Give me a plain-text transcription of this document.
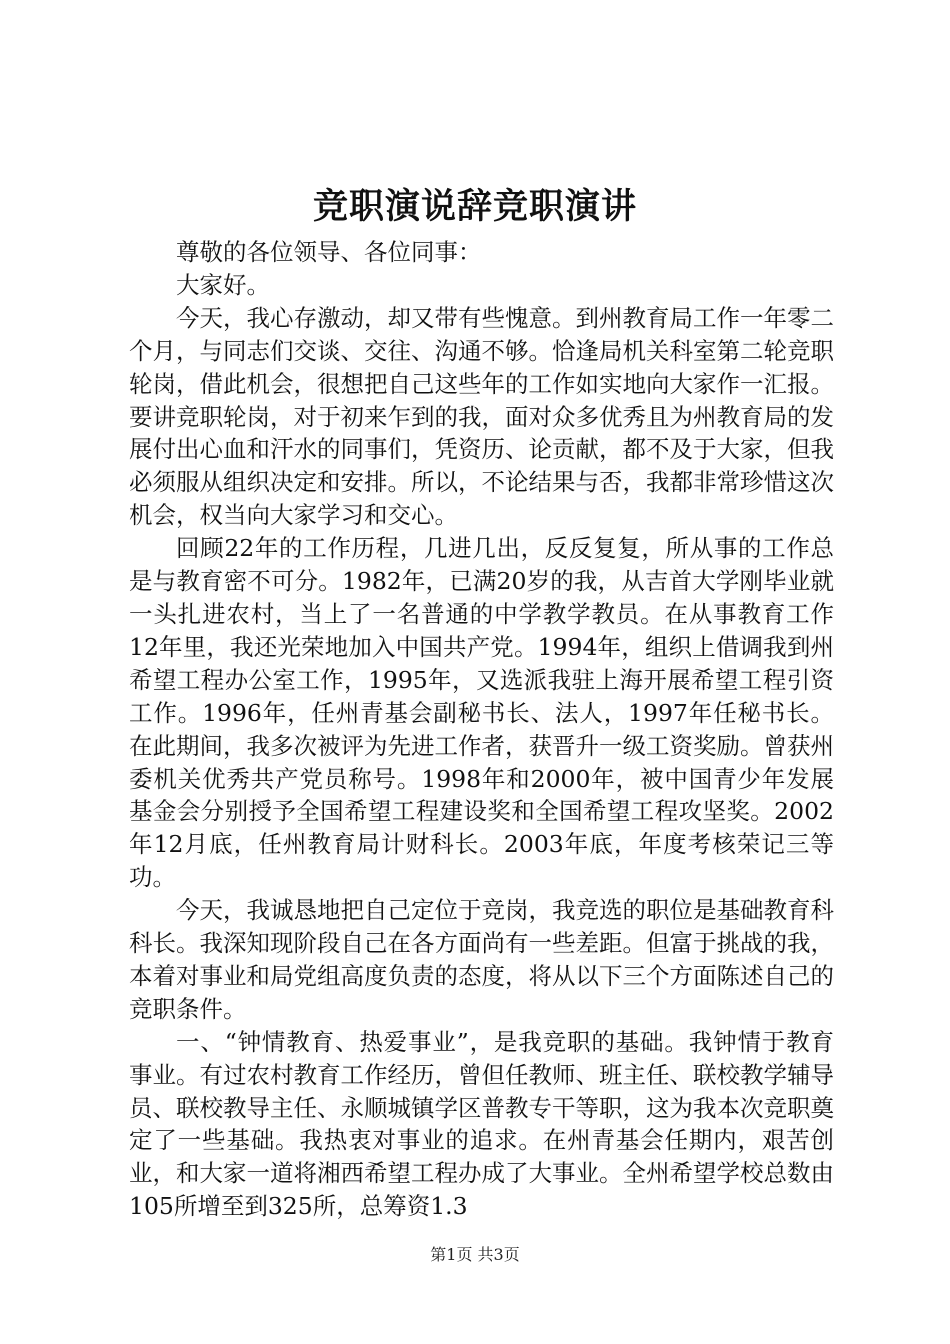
竞职演说辞竞职演讲

尊敬的各位领导、各位同事：

大家好。

今天，我心存激动，却又带有些愧意。到州教育局工作一年零二个月，与同志们交谈、交往、沟通不够。恰逢局机关科室第二轮竞职轮岗，借此机会，很想把自己这些年的工作如实地向大家作一汇报。要讲竞职轮岗，对于初来乍到的我，面对众多优秀且为州教育局的发展付出心血和汗水的同事们，凭资历、论贡献，都不及于大家，但我必须服从组织决定和安排。所以，不论结果与否，我都非常珍惜这次机会，权当向大家学习和交心。

回顾22年的工作历程，几进几出，反反复复，所从事的工作总是与教育密不可分。1982年，已满20岁的我，从吉首大学刚毕业就一头扎进农村，当上了一名普通的中学教学教员。在从事教育工作12年里，我还光荣地加入中国共产党。1994年，组织上借调我到州希望工程办公室工作，1995年，又选派我驻上海开展希望工程引资工作。1996年，任州青基会副秘书长、法人，1997年任秘书长。在此期间，我多次被评为先进工作者，获晋升一级工资奖励。曾获州委机关优秀共产党员称号。1998年和2000年，被中国青少年发展基金会分别授予全国希望工程建设奖和全国希望工程攻坚奖。2002年12月底，任州教育局计财科长。2003年底，年度考核荣记三等功。

今天，我诚恳地把自己定位于竞岗，我竞选的职位是基础教育科科长。我深知现阶段自己在各方面尚有一些差距。但富于挑战的我，本着对事业和局党组高度负责的态度，将从以下三个方面陈述自己的竞职条件。

一、“钟情教育、热爱事业”，是我竞职的基础。我钟情于教育事业。有过农村教育工作经历，曾但任教师、班主任、联校教学辅导员、联校教导主任、永顺城镇学区普教专干等职，这为我本次竞职奠定了一些基础。我热衷对事业的追求。在州青基会任期内，艰苦创业，和大家一道将湘西希望工程办成了大事业。全州希望学校总数由105所增至到325所，总筹资1.3

第1页 共3页
